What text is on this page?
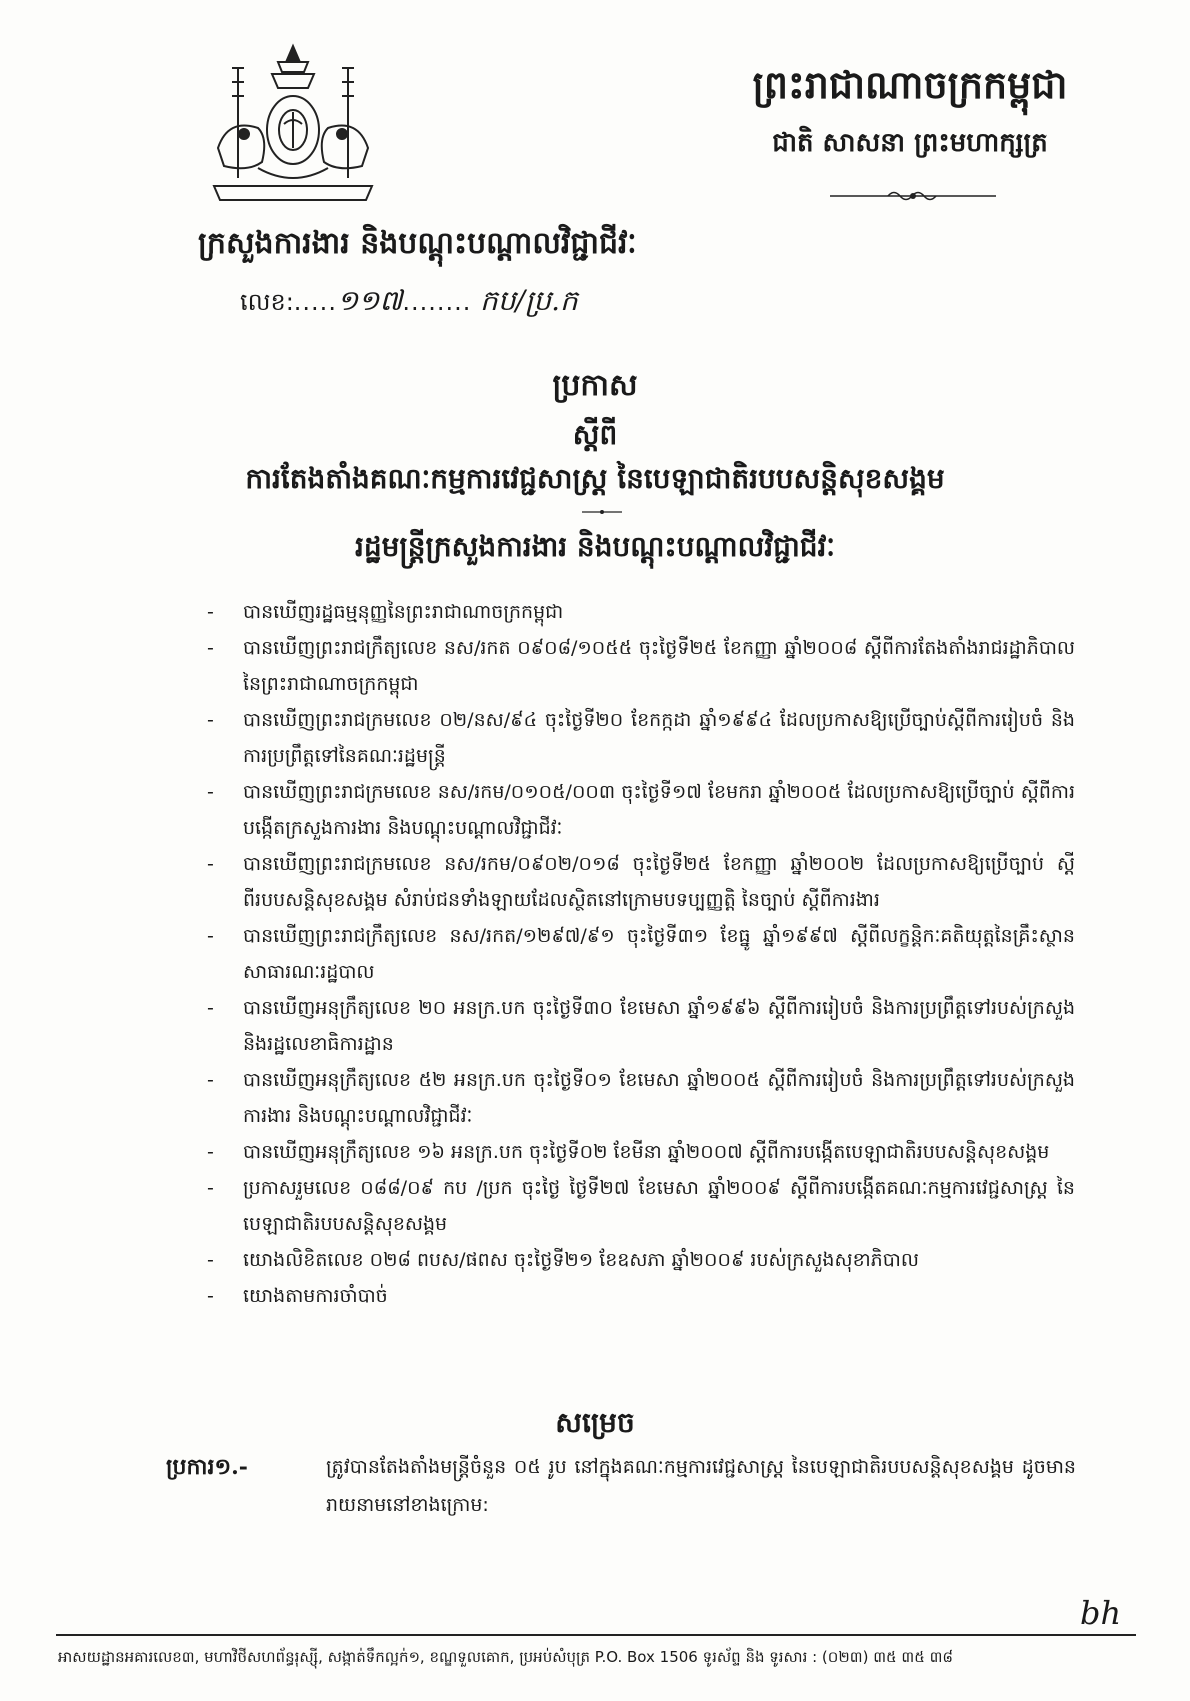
ព្រះរាជាណាចក្រកម្ពុជា
ជាតិ សាសនា ព្រះមហាក្សត្រ
ក្រសួងការងារ និងបណ្តុះបណ្តាលវិជ្ជាជីវៈ
លេខ:.....១១៧........ កប/ប្រ.ក
ប្រកាស
ស្តីពី
ការតែងតាំងគណៈកម្មការវេជ្ជសាស្ត្រ នៃបេឡាជាតិរបបសន្តិសុខសង្គម
រដ្ឋមន្ត្រីក្រសួងការងារ និងបណ្តុះបណ្តាលវិជ្ជាជីវៈ
- បានឃើញរដ្ឋធម្មនុញ្ញនៃព្រះរាជាណាចក្រកម្ពុជា
- បានឃើញព្រះរាជក្រឹត្យលេខ នស/រកត ០៩០៨/១០៥៥ ចុះថ្ងៃទី២៥ ខែកញ្ញា ឆ្នាំ២០០៨ ស្តីពីការតែងតាំងរាជរដ្ឋាភិបាលនៃព្រះរាជាណាចក្រកម្ពុជា
- បានឃើញព្រះរាជក្រមលេខ ០២/នស/៩៤ ចុះថ្ងៃទី២០ ខែកក្កដា ឆ្នាំ១៩៩៤ ដែលប្រកាសឱ្យប្រើច្បាប់ស្តីពីការរៀបចំ និងការប្រព្រឹត្តទៅនៃគណៈរដ្ឋមន្ត្រី
- បានឃើញព្រះរាជក្រមលេខ នស/រកម/០១០៥/០០៣ ចុះថ្ងៃទី១៧ ខែមករា ឆ្នាំ២០០៥ ដែលប្រកាសឱ្យប្រើច្បាប់ ស្តីពីការបង្កើតក្រសួងការងារ និងបណ្តុះបណ្តាលវិជ្ជាជីវៈ
- បានឃើញព្រះរាជក្រមលេខ នស/រកម/០៩០២/០១៨ ចុះថ្ងៃទី២៥ ខែកញ្ញា ឆ្នាំ២០០២ ដែលប្រកាសឱ្យប្រើច្បាប់ ស្តីពីរបបសន្តិសុខសង្គម សំរាប់ជនទាំងឡាយដែលស្ថិតនៅក្រោមបទប្បញ្ញត្តិ នៃច្បាប់ ស្តីពីការងារ
- បានឃើញព្រះរាជក្រឹត្យលេខ នស/រកត/១២៩៧/៩១ ចុះថ្ងៃទី៣១ ខែធ្នូ ឆ្នាំ១៩៩៧ ស្តីពីលក្ខន្តិកៈគតិយុត្តនៃគ្រឹះស្ថានសាធារណៈរដ្ឋបាល
- បានឃើញអនុក្រឹត្យលេខ ២០ អនក្រ.បក ចុះថ្ងៃទី៣០ ខែមេសា ឆ្នាំ១៩៩៦ ស្តីពីការរៀបចំ និងការប្រព្រឹត្តទៅរបស់ក្រសួង និងរដ្ឋលេខាធិការដ្ឋាន
- បានឃើញអនុក្រឹត្យលេខ ៥២ អនក្រ.បក ចុះថ្ងៃទី០១ ខែមេសា ឆ្នាំ២០០៥ ស្តីពីការរៀបចំ និងការប្រព្រឹត្តទៅរបស់ក្រសួងការងារ និងបណ្តុះបណ្តាលវិជ្ជាជីវៈ
- បានឃើញអនុក្រឹត្យលេខ ១៦ អនក្រ.បក ចុះថ្ងៃទី០២ ខែមីនា ឆ្នាំ២០០៧ ស្តីពីការបង្កើតបេឡាជាតិរបបសន្តិសុខសង្គម
- ប្រកាសរួមលេខ ០៨៨/០៩ កប /ប្រក ចុះថ្ងៃ ថ្ងៃទី២៧ ខែមេសា ឆ្នាំ២០០៩ ស្តីពីការបង្កើតគណៈកម្មការវេជ្ជសាស្ត្រ នៃបេឡាជាតិរបបសន្តិសុខសង្គម
- យោងលិខិតលេខ ០២៨ ពបស/ផពស ចុះថ្ងៃទី២១ ខែឧសភា ឆ្នាំ២០០៩ របស់ក្រសួងសុខាភិបាល
- យោងតាមការចាំបាច់
សម្រេច
ប្រការ១.-	ត្រូវបានតែងតាំងមន្ត្រីចំនួន ០៥ រូប នៅក្នុងគណៈកម្មការវេជ្ជសាស្ត្រ នៃបេឡាជាតិរបបសន្តិសុខសង្គម ដូចមានរាយនាមនៅខាងក្រោម:
bh
អាសយដ្ឋានអគារលេខ៣, មហាវិថីសហព័ន្ធរុស្ស៊ី, សង្កាត់ទឹកល្អក់១, ខណ្ឌទួលគោក, ប្រអប់សំបុត្រ P.O. Box 1506 ទូរស័ព្ទ និង ទូរសារ : (០២៣) ៣៥ ៣៥ ៣៨
